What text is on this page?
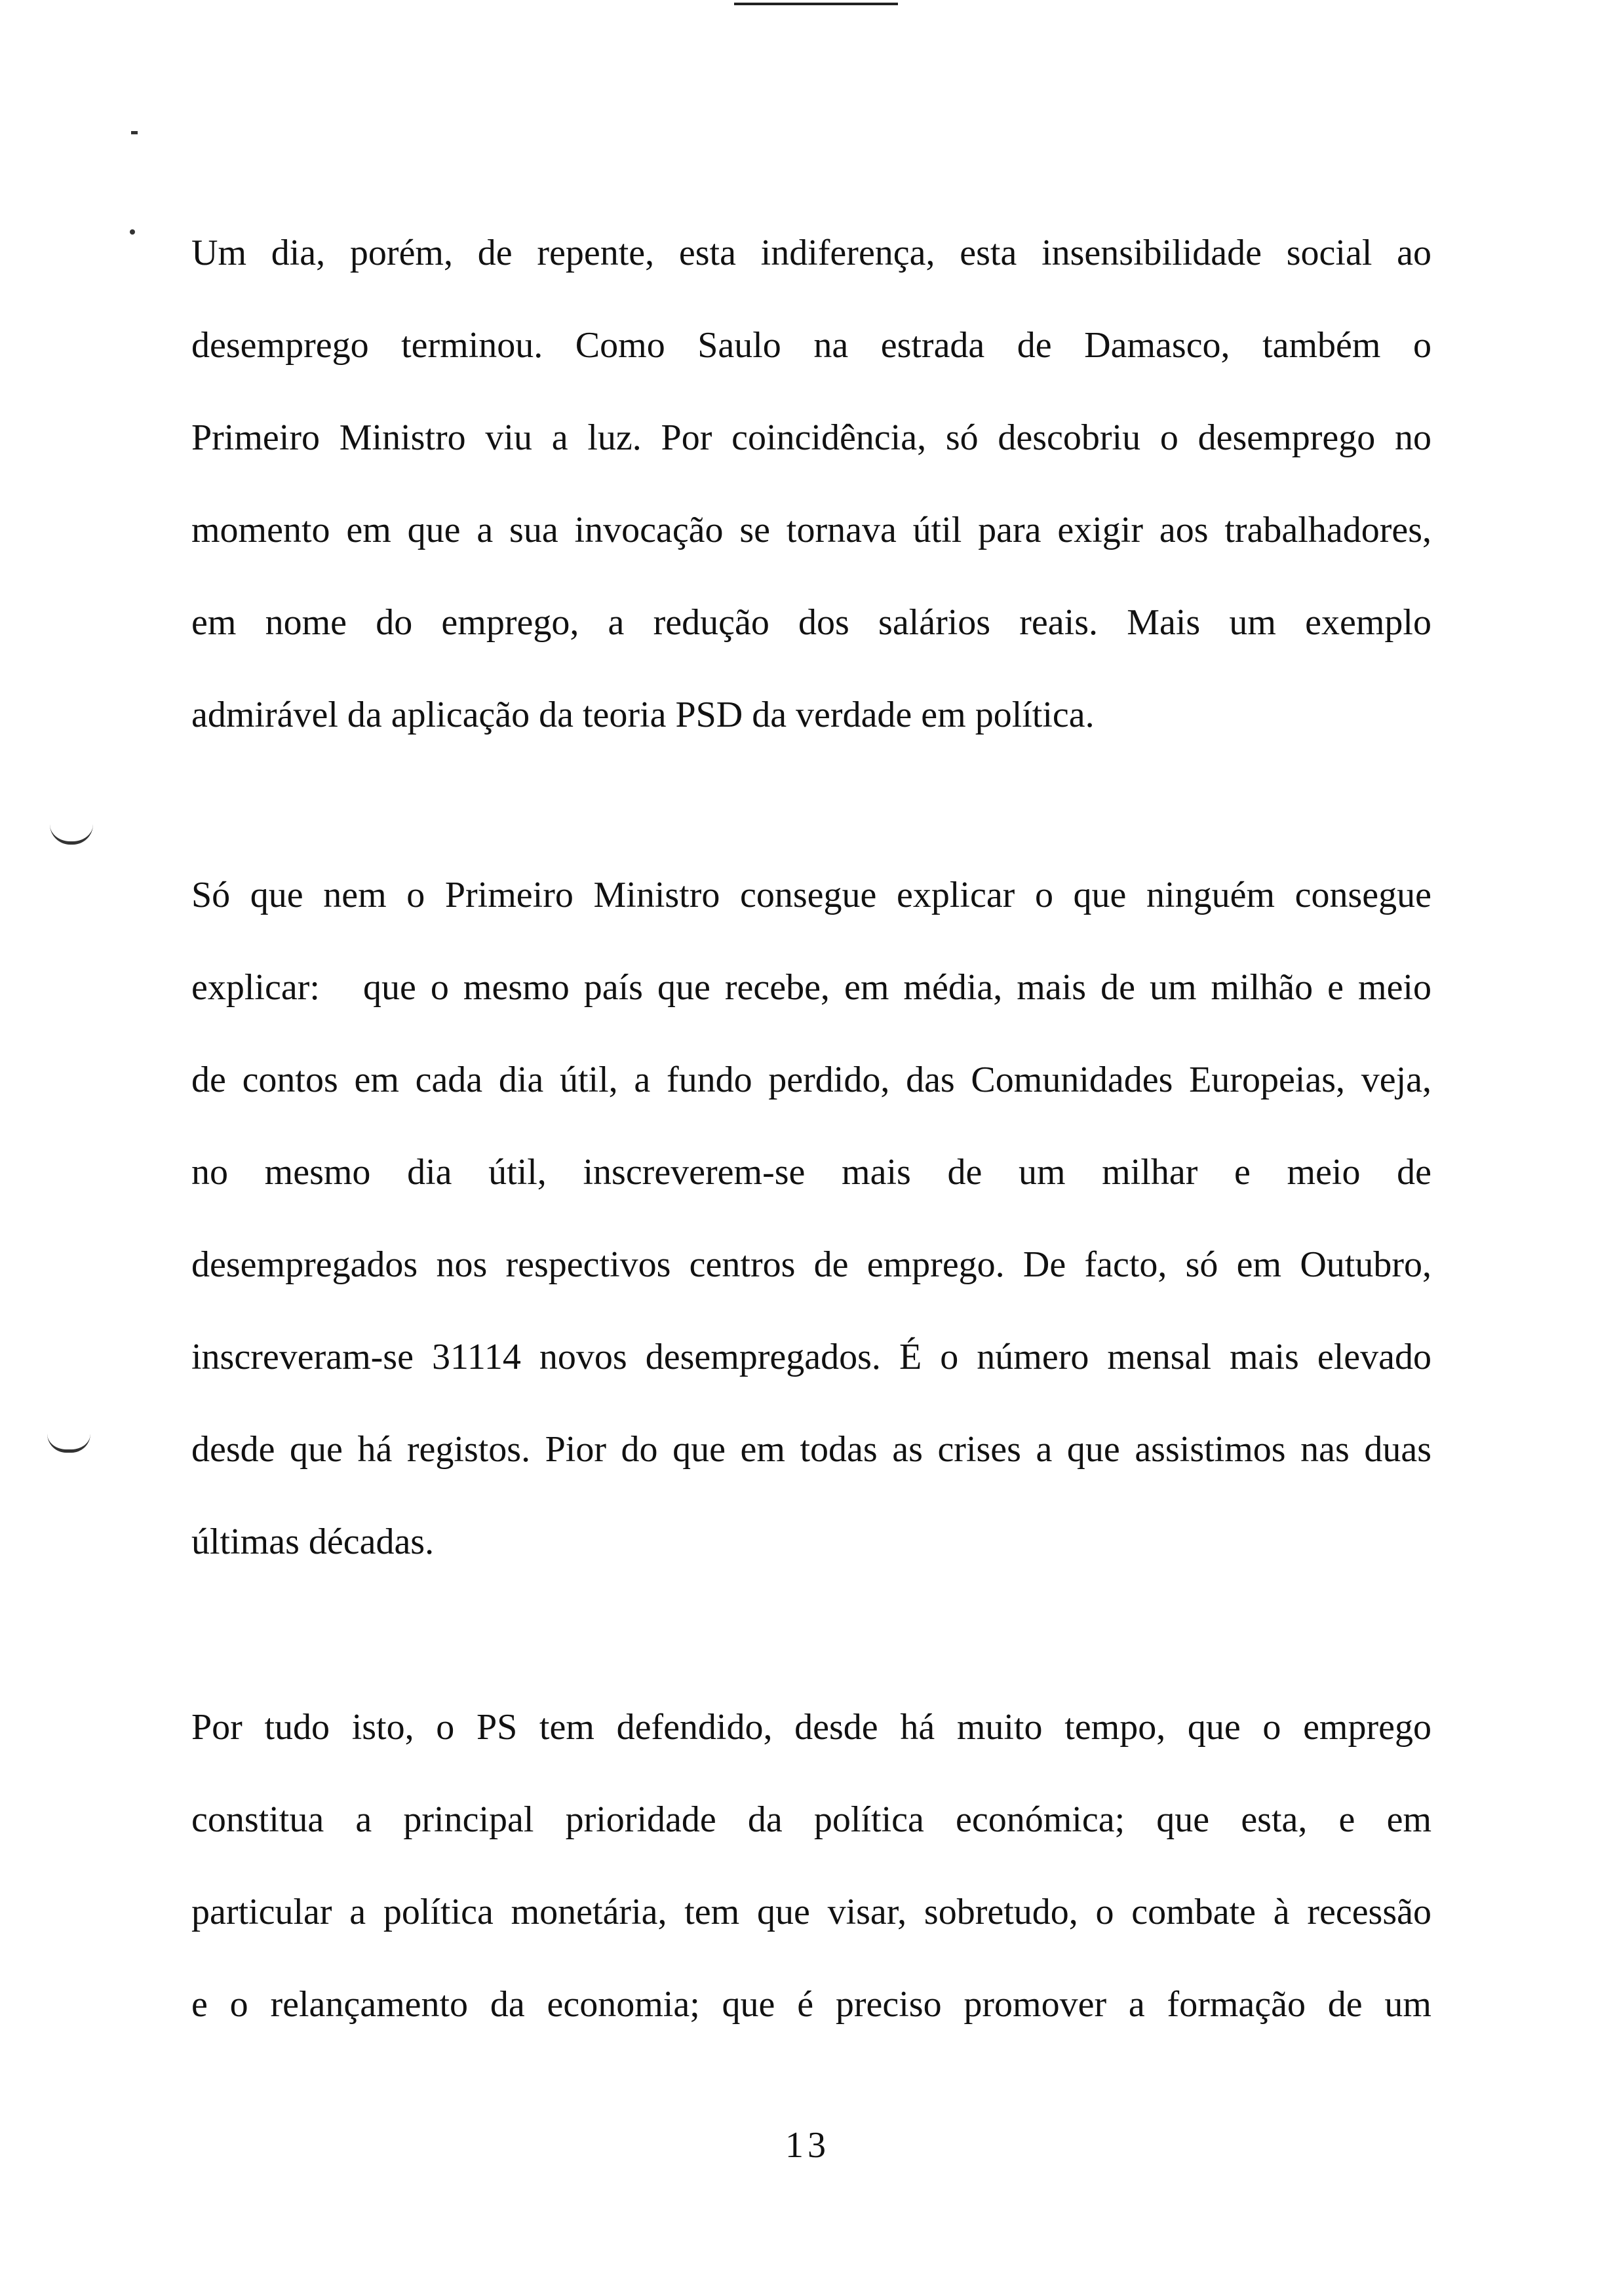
Um dia, porém, de repente, esta indiferença, esta insensibilidade social ao
desemprego terminou. Como Saulo na estrada de Damasco, também o
Primeiro Ministro viu a luz. Por coincidência, só descobriu o desemprego no
momento em que a sua invocação se tornava útil para exigir aos trabalhadores,
em nome do emprego, a redução dos salários reais. Mais um exemplo
admirável da aplicação da teoria PSD da verdade em política.
Só que nem o Primeiro Ministro consegue explicar o que ninguém consegue
explicar:   que o mesmo país que recebe, em média, mais de um milhão e meio
de contos em cada dia útil, a fundo perdido, das Comunidades Europeias, veja,
no mesmo dia útil, inscreverem-se mais de um milhar e meio de
desempregados nos respectivos centros de emprego. De facto, só em Outubro,
inscreveram-se 31114 novos desempregados. É o número mensal mais elevado
desde que há registos. Pior do que em todas as crises a que assistimos nas duas
últimas décadas.
Por tudo isto, o PS tem defendido, desde há muito tempo, que o emprego
constitua a principal prioridade da política económica; que esta, e em
particular a política monetária, tem que visar, sobretudo, o combate à recessão
e o relançamento da economia; que é preciso promover a formação de um
13
